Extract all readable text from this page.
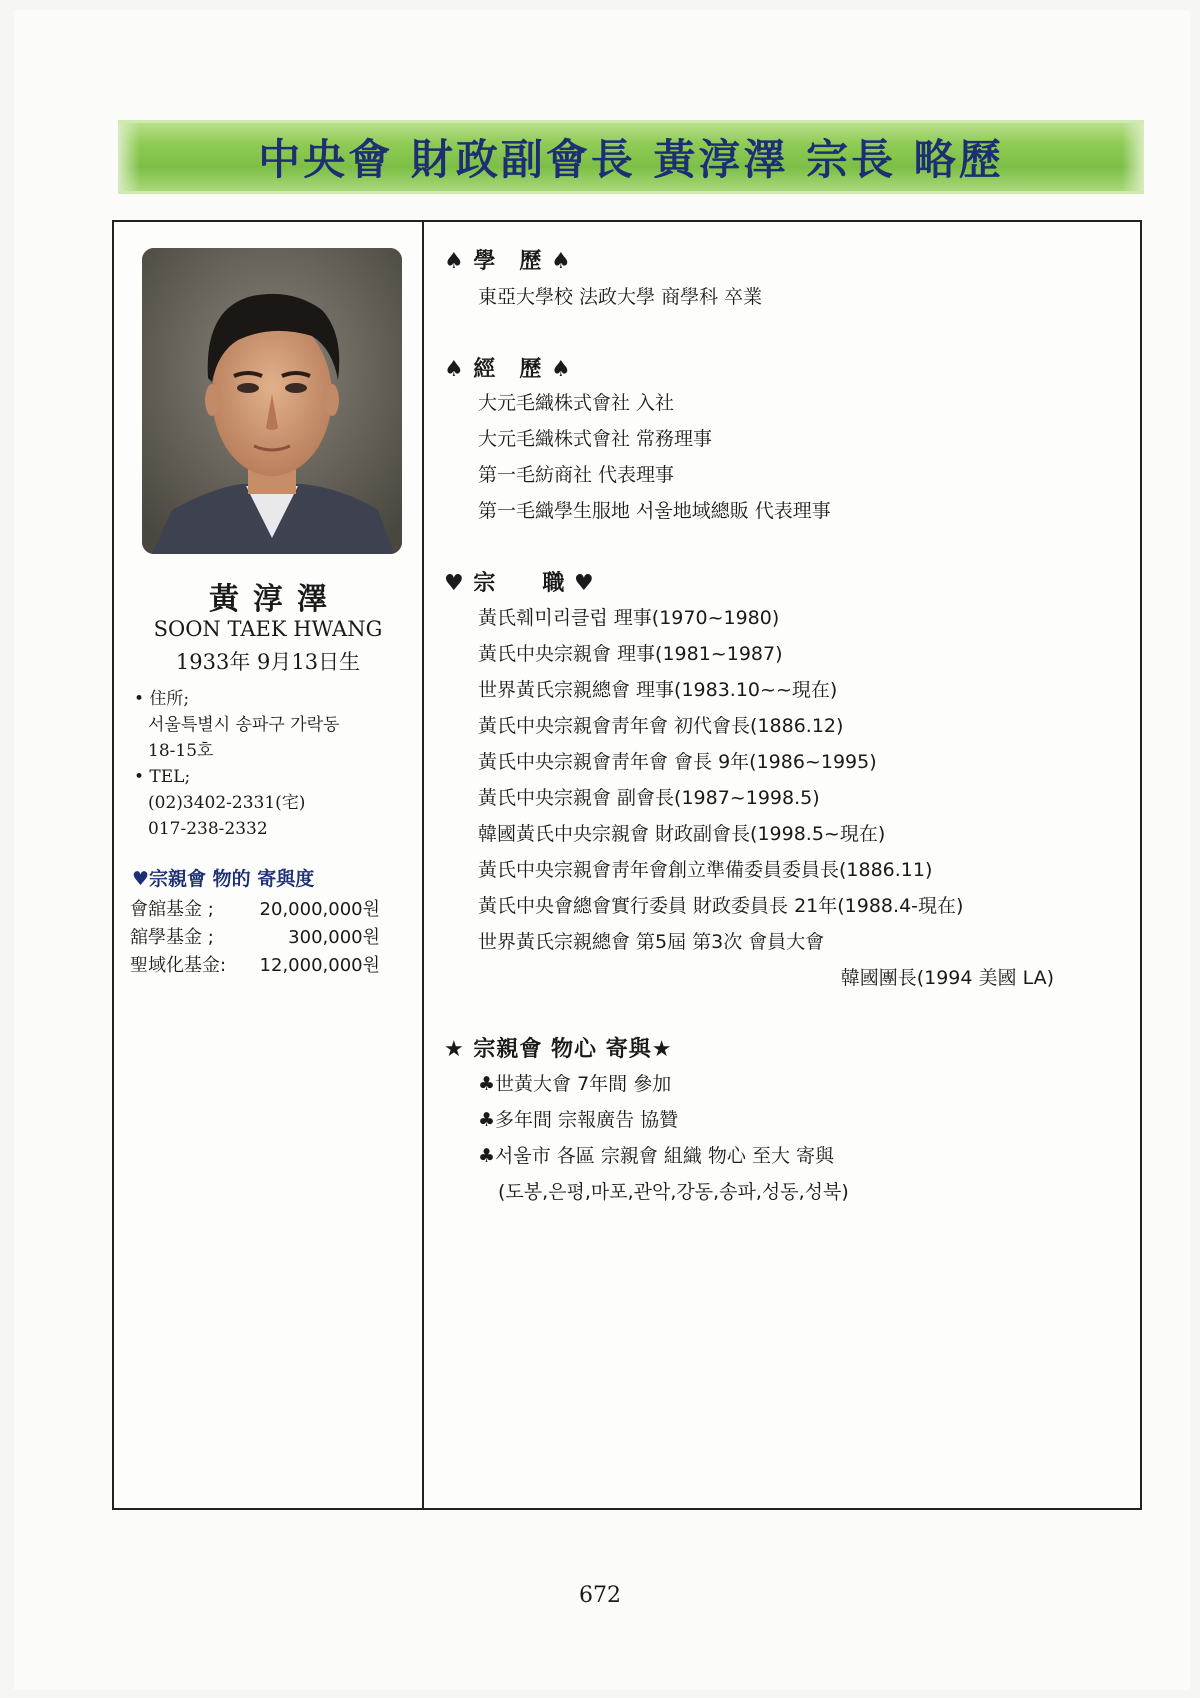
中央會 財政副會長 黃淳澤 宗長 略歷
黃淳澤
SOON TAEK HWANG
1933年 9月13日生
• 住所;
서울특별시 송파구 가락동
18-15호
• TEL;
(02)3402-2331(宅)
017-238-2332
♥宗親會 物的 寄與度
會舘基金 ;	20,000,000원
舘學基金 ;	300,000원
聖域化基金: 12,000,000원
♠ 學　歷 ♠
東亞大學校 法政大學 商學科 卒業
♠ 經　歷 ♠
大元毛織株式會社 入社
大元毛織株式會社 常務理事
第一毛紡商社 代表理事
第一毛織學生服地 서울地域總販 代表理事
♥ 宗　　職 ♥
黃氏훼미리클럽 理事(1970~1980)
黃氏中央宗親會 理事(1981~1987)
世界黃氏宗親總會 理事(1983.10~~現在)
黃氏中央宗親會靑年會 初代會長(1886.12)
黃氏中央宗親會靑年會 會長 9年(1986~1995)
黃氏中央宗親會 副會長(1987~1998.5)
韓國黃氏中央宗親會 財政副會長(1998.5~現在)
黃氏中央宗親會靑年會創立準備委員委員長(1886.11)
黃氏中央會總會實行委員 財政委員長 21年(1988.4-現在)
世界黃氏宗親總會 第5屆 第3次 會員大會
韓國團長(1994 美國 LA)
★ 宗親會 物心 寄與★
♣世黃大會 7年間 參加
♣多年間 宗報廣告 協贊
♣서울市 各區 宗親會 組織 物心 至大 寄與
(도봉,은평,마포,관악,강동,송파,성동,성북)
672
